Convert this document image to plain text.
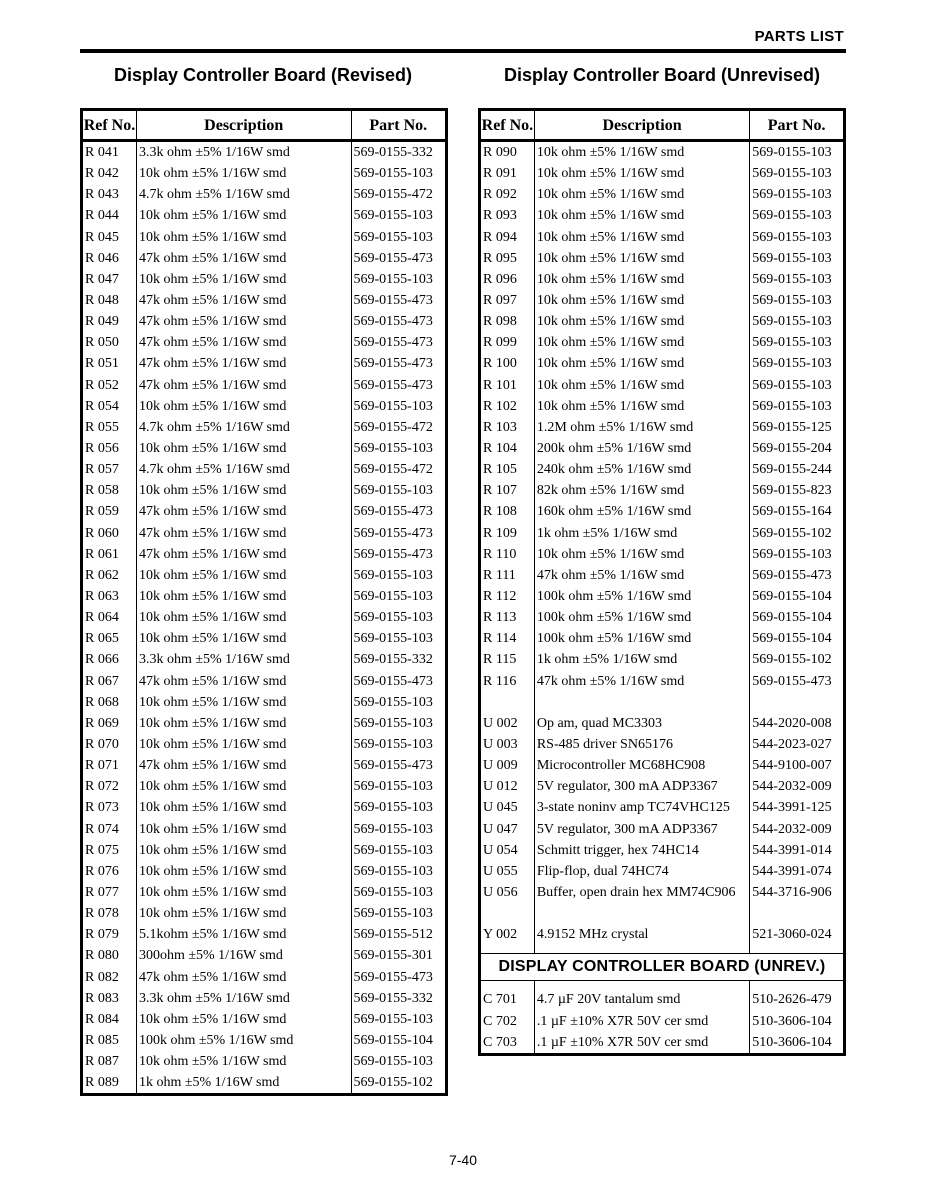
PARTS LIST
Display Controller Board (Revised)	Display Controller Board (Unrevised)
Ref No.	Description	Part No.
R 041	3.3k ohm ±5% 1/16W smd	569-0155-332
R 042	10k ohm ±5% 1/16W smd	569-0155-103
R 043	4.7k ohm ±5% 1/16W smd	569-0155-472
R 044	10k ohm ±5% 1/16W smd	569-0155-103
R 045	10k ohm ±5% 1/16W smd	569-0155-103
R 046	47k ohm ±5% 1/16W smd	569-0155-473
R 047	10k ohm ±5% 1/16W smd	569-0155-103
R 048	47k ohm ±5% 1/16W smd	569-0155-473
R 049	47k ohm ±5% 1/16W smd	569-0155-473
R 050	47k ohm ±5% 1/16W smd	569-0155-473
R 051	47k ohm ±5% 1/16W smd	569-0155-473
R 052	47k ohm ±5% 1/16W smd	569-0155-473
R 054	10k ohm ±5% 1/16W smd	569-0155-103
R 055	4.7k ohm ±5% 1/16W smd	569-0155-472
R 056	10k ohm ±5% 1/16W smd	569-0155-103
R 057	4.7k ohm ±5% 1/16W smd	569-0155-472
R 058	10k ohm ±5% 1/16W smd	569-0155-103
R 059	47k ohm ±5% 1/16W smd	569-0155-473
R 060	47k ohm ±5% 1/16W smd	569-0155-473
R 061	47k ohm ±5% 1/16W smd	569-0155-473
R 062	10k ohm ±5% 1/16W smd	569-0155-103
R 063	10k ohm ±5% 1/16W smd	569-0155-103
R 064	10k ohm ±5% 1/16W smd	569-0155-103
R 065	10k ohm ±5% 1/16W smd	569-0155-103
R 066	3.3k ohm ±5% 1/16W smd	569-0155-332
R 067	47k ohm ±5% 1/16W smd	569-0155-473
R 068	10k ohm ±5% 1/16W smd	569-0155-103
R 069	10k ohm ±5% 1/16W smd	569-0155-103
R 070	10k ohm ±5% 1/16W smd	569-0155-103
R 071	47k ohm ±5% 1/16W smd	569-0155-473
R 072	10k ohm ±5% 1/16W smd	569-0155-103
R 073	10k ohm ±5% 1/16W smd	569-0155-103
R 074	10k ohm ±5% 1/16W smd	569-0155-103
R 075	10k ohm ±5% 1/16W smd	569-0155-103
R 076	10k ohm ±5% 1/16W smd	569-0155-103
R 077	10k ohm ±5% 1/16W smd	569-0155-103
R 078	10k ohm ±5% 1/16W smd	569-0155-103
R 079	5.1kohm ±5% 1/16W smd	569-0155-512
R 080	300ohm ±5% 1/16W smd	569-0155-301
R 082	47k ohm ±5% 1/16W smd	569-0155-473
R 083	3.3k ohm ±5% 1/16W smd	569-0155-332
R 084	10k ohm ±5% 1/16W smd	569-0155-103
R 085	100k ohm ±5% 1/16W smd	569-0155-104
R 087	10k ohm ±5% 1/16W smd	569-0155-103
R 089	1k ohm ±5% 1/16W smd	569-0155-102
Ref No.	Description	Part No.
R 090	10k ohm ±5% 1/16W smd	569-0155-103
R 091	10k ohm ±5% 1/16W smd	569-0155-103
R 092	10k ohm ±5% 1/16W smd	569-0155-103
R 093	10k ohm ±5% 1/16W smd	569-0155-103
R 094	10k ohm ±5% 1/16W smd	569-0155-103
R 095	10k ohm ±5% 1/16W smd	569-0155-103
R 096	10k ohm ±5% 1/16W smd	569-0155-103
R 097	10k ohm ±5% 1/16W smd	569-0155-103
R 098	10k ohm ±5% 1/16W smd	569-0155-103
R 099	10k ohm ±5% 1/16W smd	569-0155-103
R 100	10k ohm ±5% 1/16W smd	569-0155-103
R 101	10k ohm ±5% 1/16W smd	569-0155-103
R 102	10k ohm ±5% 1/16W smd	569-0155-103
R 103	1.2M ohm ±5% 1/16W smd	569-0155-125
R 104	200k ohm ±5% 1/16W smd	569-0155-204
R 105	240k ohm ±5% 1/16W smd	569-0155-244
R 107	82k ohm ±5% 1/16W smd	569-0155-823
R 108	160k ohm ±5% 1/16W smd	569-0155-164
R 109	1k ohm ±5% 1/16W smd	569-0155-102
R 110	10k ohm ±5% 1/16W smd	569-0155-103
R 111	47k ohm ±5% 1/16W smd	569-0155-473
R 112	100k ohm ±5% 1/16W smd	569-0155-104
R 113	100k ohm ±5% 1/16W smd	569-0155-104
R 114	100k ohm ±5% 1/16W smd	569-0155-104
R 115	1k ohm ±5% 1/16W smd	569-0155-102
R 116	47k ohm ±5% 1/16W smd	569-0155-473

U 002	Op am, quad MC3303	544-2020-008
U 003	RS-485 driver SN65176	544-2023-027
U 009	Microcontroller MC68HC908	544-9100-007
U 012	5V regulator, 300 mA ADP3367	544-2032-009
U 045	3-state noninv amp TC74VHC125	544-3991-125
U 047	5V regulator, 300 mA ADP3367	544-2032-009
U 054	Schmitt trigger, hex 74HC14	544-3991-014
U 055	Flip-flop, dual 74HC74	544-3991-074
U 056	Buffer, open drain hex MM74C906	544-3716-906

Y 002	4.9152 MHz crystal	521-3060-024

DISPLAY CONTROLLER BOARD (UNREV.)		

C 701	4.7 µF 20V tantalum smd	510-2626-479
C 702	.1 µF ±10% X7R 50V cer smd	510-3606-104
C 703	.1 µF ±10% X7R 50V cer smd	510-3606-104
7-40
